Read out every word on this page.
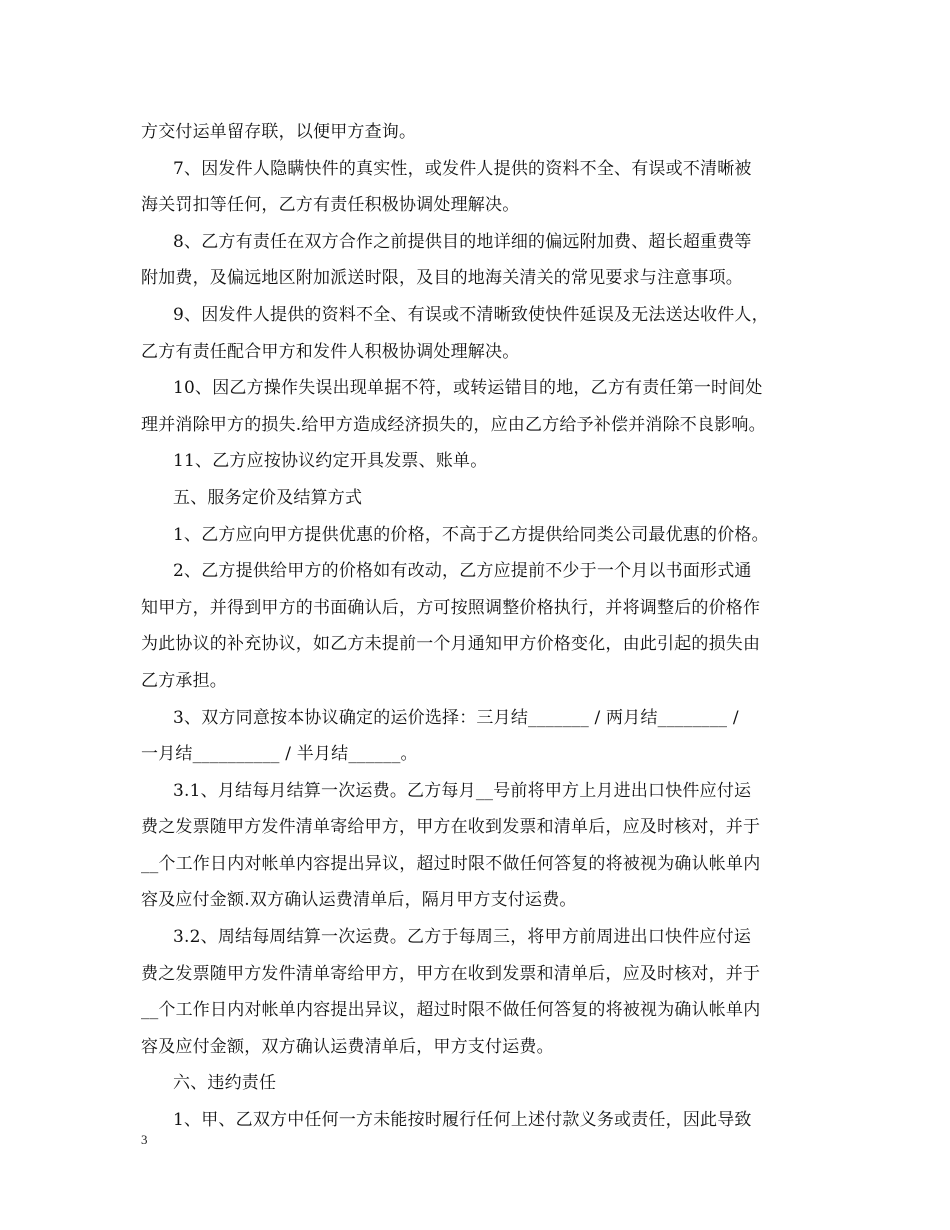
方交付运单留存联，以便甲方查询。
7、因发件人隐瞒快件的真实性，或发件人提供的资料不全、有误或不清晰被
海关罚扣等任何，乙方有责任积极协调处理解决。
8、乙方有责任在双方合作之前提供目的地详细的偏远附加费、超长超重费等
附加费，及偏远地区附加派送时限，及目的地海关清关的常见要求与注意事项。
9、因发件人提供的资料不全、有误或不清晰致使快件延误及无法送达收件人，
乙方有责任配合甲方和发件人积极协调处理解决。
10、因乙方操作失误出现单据不符，或转运错目的地，乙方有责任第一时间处
理并消除甲方的损失.给甲方造成经济损失的，应由乙方给予补偿并消除不良影响。
11、乙方应按协议约定开具发票、账单。
五、服务定价及结算方式
1、乙方应向甲方提供优惠的价格，不高于乙方提供给同类公司最优惠的价格。
2、乙方提供给甲方的价格如有改动，乙方应提前不少于一个月以书面形式通
知甲方，并得到甲方的书面确认后，方可按照调整价格执行，并将调整后的价格作
为此协议的补充协议，如乙方未提前一个月通知甲方价格变化，由此引起的损失由
乙方承担。
3、双方同意按本协议确定的运价选择：三月结_______ / 两月结________ /
一月结__________ / 半月结______。
3.1、月结每月结算一次运费。乙方每月__号前将甲方上月进出口快件应付运
费之发票随甲方发件清单寄给甲方，甲方在收到发票和清单后，应及时核对，并于
__个工作日内对帐单内容提出异议，超过时限不做任何答复的将被视为确认帐单内
容及应付金额.双方确认运费清单后，隔月甲方支付运费。
3.2、周结每周结算一次运费。乙方于每周三，将甲方前周进出口快件应付运
费之发票随甲方发件清单寄给甲方，甲方在收到发票和清单后，应及时核对，并于
__个工作日内对帐单内容提出异议，超过时限不做任何答复的将被视为确认帐单内
容及应付金额，双方确认运费清单后，甲方支付运费。
六、违约责任
1、甲、乙双方中任何一方未能按时履行任何上述付款义务或责任，因此导致
3
